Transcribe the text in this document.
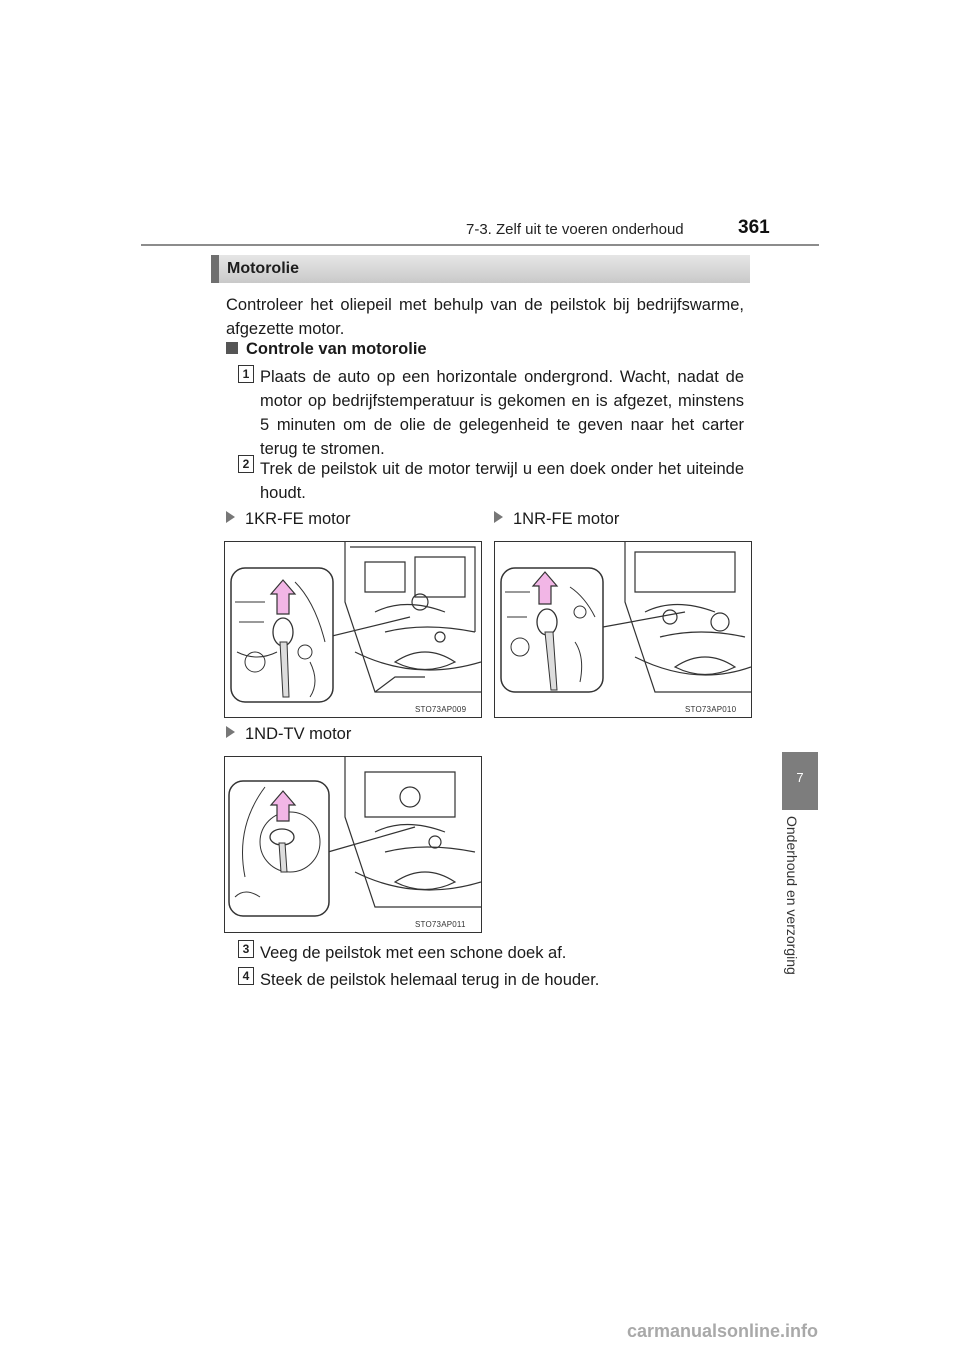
7-3. Zelf uit te voeren onderhoud	361
Motorolie
Controleer het oliepeil met behulp van de peilstok bij bedrijfswarme, afgezette motor.
Controle van motorolie
1 Plaats de auto op een horizontale ondergrond. Wacht, nadat de motor op bedrijfstemperatuur is gekomen en is afgezet, minstens 5 minuten om de olie de gelegenheid te geven naar het carter terug te stromen.
2 Trek de peilstok uit de motor terwijl u een doek onder het uiteinde houdt.
1KR-FE motor	1NR-FE motor
STO73AP009	STO73AP010
1ND-TV motor
STO73AP011
3 Veeg de peilstok met een schone doek af.
4 Steek de peilstok helemaal terug in de houder.
7
Onderhoud en verzorging
carmanualsonline.info
